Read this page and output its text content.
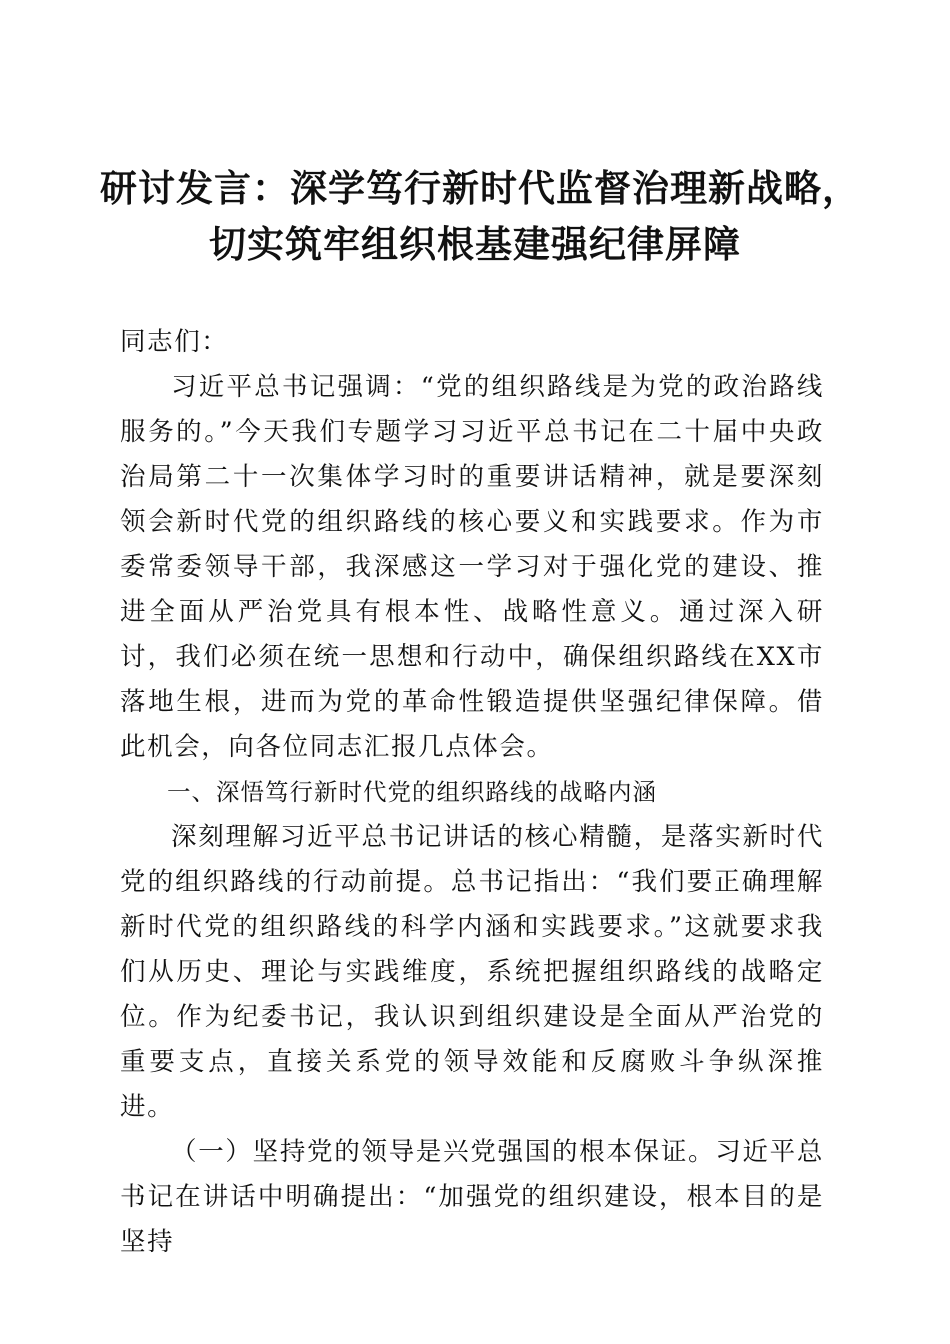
研讨发言：深学笃行新时代监督治理新战略，
切实筑牢组织根基建强纪律屏障

同志们：

习近平总书记强调：“党的组织路线是为党的政治路线服务的。”今天我们专题学习习近平总书记在二十届中央政治局第二十一次集体学习时的重要讲话精神，就是要深刻领会新时代党的组织路线的核心要义和实践要求。作为市委常委领导干部，我深感这一学习对于强化党的建设、推进全面从严治党具有根本性、战略性意义。通过深入研讨，我们必须在统一思想和行动中，确保组织路线在XX市落地生根，进而为党的革命性锻造提供坚强纪律保障。借此机会，向各位同志汇报几点体会。

一、深悟笃行新时代党的组织路线的战略内涵

深刻理解习近平总书记讲话的核心精髓，是落实新时代党的组织路线的行动前提。总书记指出：“我们要正确理解新时代党的组织路线的科学内涵和实践要求。”这就要求我们从历史、理论与实践维度，系统把握组织路线的战略定位。作为纪委书记，我认识到组织建设是全面从严治党的重要支点，直接关系党的领导效能和反腐败斗争纵深推进。

（一）坚持党的领导是兴党强国的根本保证。习近平总书记在讲话中明确提出：“加强党的组织建设，根本目的是坚持
